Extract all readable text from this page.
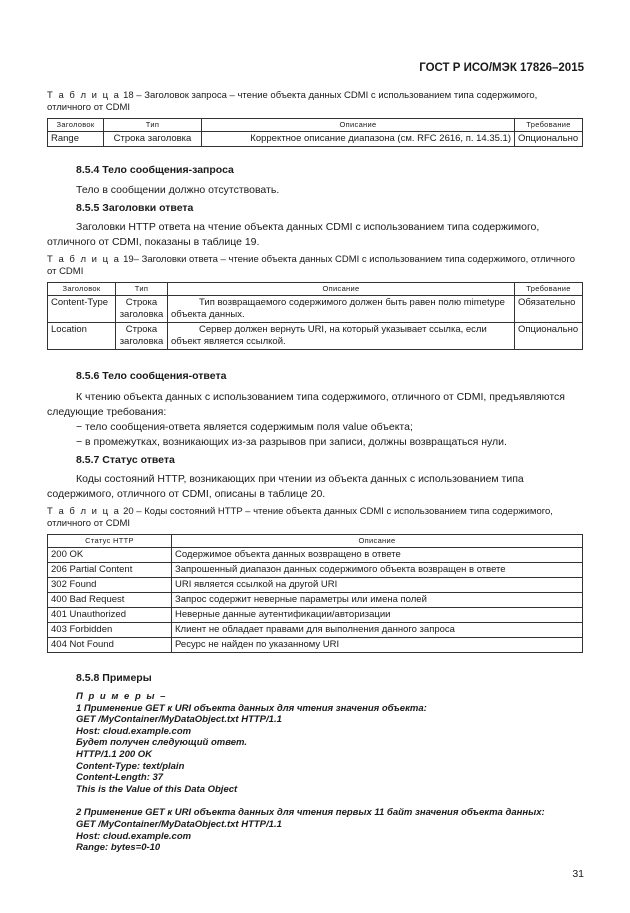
ГОСТ Р ИСО/МЭК 17826–2015

Т а б л и ц а 18 – Заголовок запроса – чтение объекта данных CDMI с использованием типа содержимого, отличного от CDMI

Заголовок	Тип	Описание	Требование
Range	Строка заголовка	Корректное описание диапазона (см. RFC 2616, п. 14.35.1)	Опционально

8.5.4 Тело сообщения-запроса

Тело в сообщении должно отсутствовать.

8.5.5 Заголовки ответа

Заголовки HTTP ответа на чтение объекта данных CDMI с использованием типа содержимого, отличного от CDMI, показаны в таблице 19.

Т а б л и ц а 19– Заголовки ответа – чтение объекта данных CDMI с использованием типа содержимого, отличного от CDMI

Заголовок	Тип	Описание	Требование
Content-Type	Строка заголовка	Тип возвращаемого содержимого должен быть равен полю mimetype объекта данных.	Обязательно
Location	Строка заголовка	Сервер должен вернуть URI, на который указывает ссылка, если объект является ссылкой.	Опционально

8.5.6 Тело сообщения-ответа

К чтению объекта данных с использованием типа содержимого, отличного от CDMI, предъявляются следующие требования:

− тело сообщения-ответа является содержимым поля value объекта;

− в промежутках, возникающих из-за разрывов при записи, должны возвращаться нули.

8.5.7 Статус ответа

Коды состояний HTTP, возникающих при чтении из объекта данных с использованием типа содержимого, отличного от CDMI, описаны в таблице 20.

Т а б л и ц а 20 – Коды состояний HTTP – чтение объекта данных CDMI с использованием типа содержимого, отличного от CDMI

Статус HTTP	Описание
200 OK	Содержимое объекта данных возвращено в ответе
206 Partial Content	Запрошенный диапазон данных содержимого объекта возвращен в ответе
302 Found	URI является ссылкой на другой URI
400 Bad Request	Запрос содержит неверные параметры или имена полей
401 Unauthorized	Неверные данные аутентификации/авторизации
403 Forbidden	Клиент не обладает правами для выполнения данного запроса
404 Not Found	Ресурс не найден по указанному URI

8.5.8 Примеры

П р и м е р ы –

1 Применение GET к URI объекта данных для чтения значения объекта:

GET /MyContainer/MyDataObject.txt HTTP/1.1

Host: cloud.example.com

Будет получен следующий ответ.

HTTP/1.1 200 OK

Content-Type: text/plain

Content-Length: 37

This is the Value of this Data Object

2 Применение GET к URI объекта данных для чтения первых 11 байт значения объекта данных:

GET /MyContainer/MyDataObject.txt HTTP/1.1

Host: cloud.example.com

Range: bytes=0-10

31
